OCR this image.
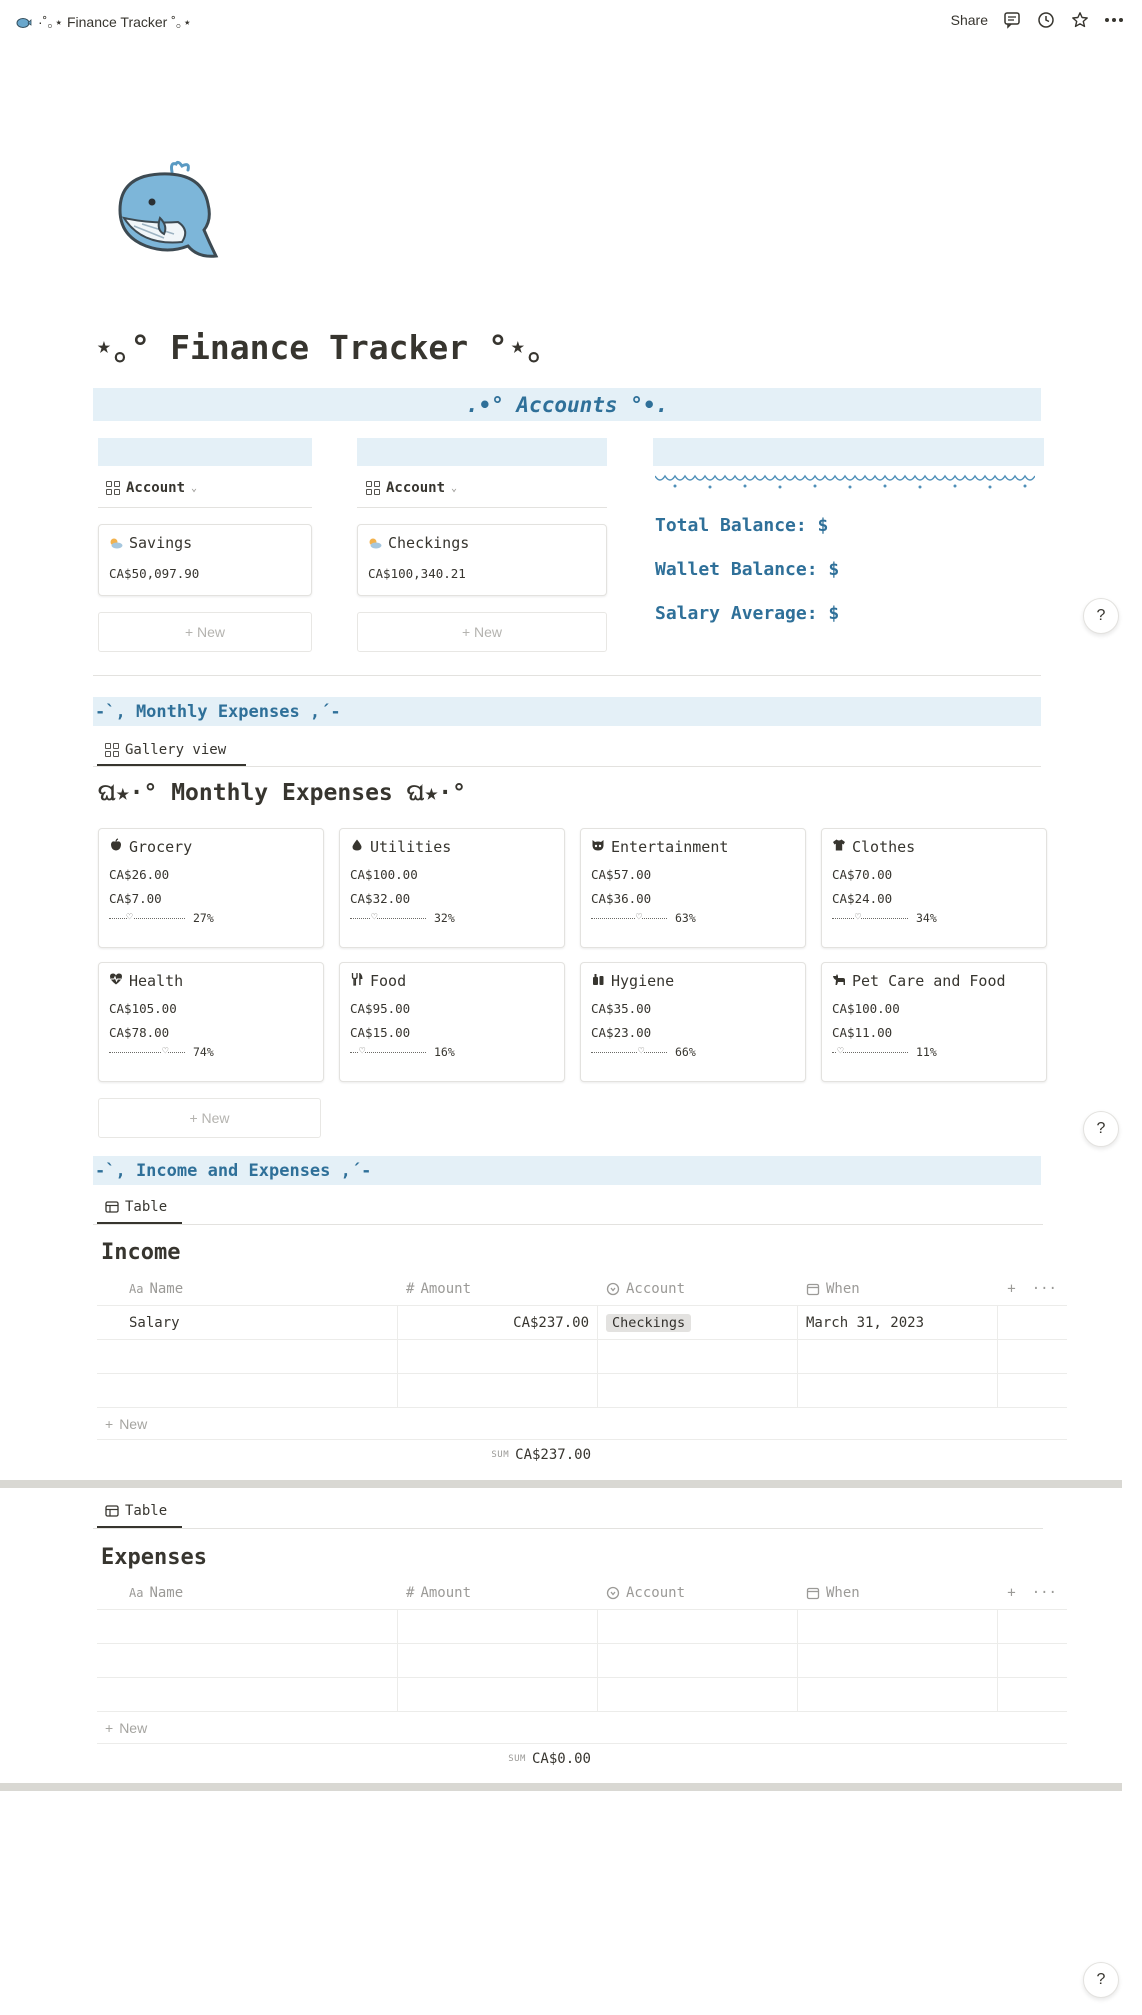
·˚｡⋆ Finance Tracker ˚｡⋆	Share
⋆｡° Finance Tracker °⋆｡
.•° Accounts °•.
Account ⌄
Savings
CA$50,097.90
+ New
Account ⌄
Checkings
CA$100,340.21
+ New
Total Balance: $
Wallet Balance: $
Salary Average: $	?
-`, Monthly Expenses ,´-
Gallery view
ଘ★·° Monthly Expenses ଘ★·°
Grocery
CA$26.00
CA$7.00
♡	27%
Utilities
CA$100.00
CA$32.00
♡	32%
Entertainment
CA$57.00
CA$36.00
♡	63%
Clothes
CA$70.00
CA$24.00
♡	34%
Health
CA$105.00
CA$78.00
♡ 74%
Food
CA$95.00
CA$15.00
♡	16%
Hygiene
CA$35.00
CA$23.00
♡	66%
Pet Care and Food
CA$100.00
CA$11.00
♡	11%
+ New
?
-`, Income and Expenses ,´-
Table
Income
Aa Name	# Amount	Account	When	+ ···
Salary	CA$237.00	Checkings	March 31, 2023
+ New
SUM CA$237.00
Table
Expenses
Aa Name	# Amount	Account	When	+ ···
+ New
SUM CA$0.00
?
